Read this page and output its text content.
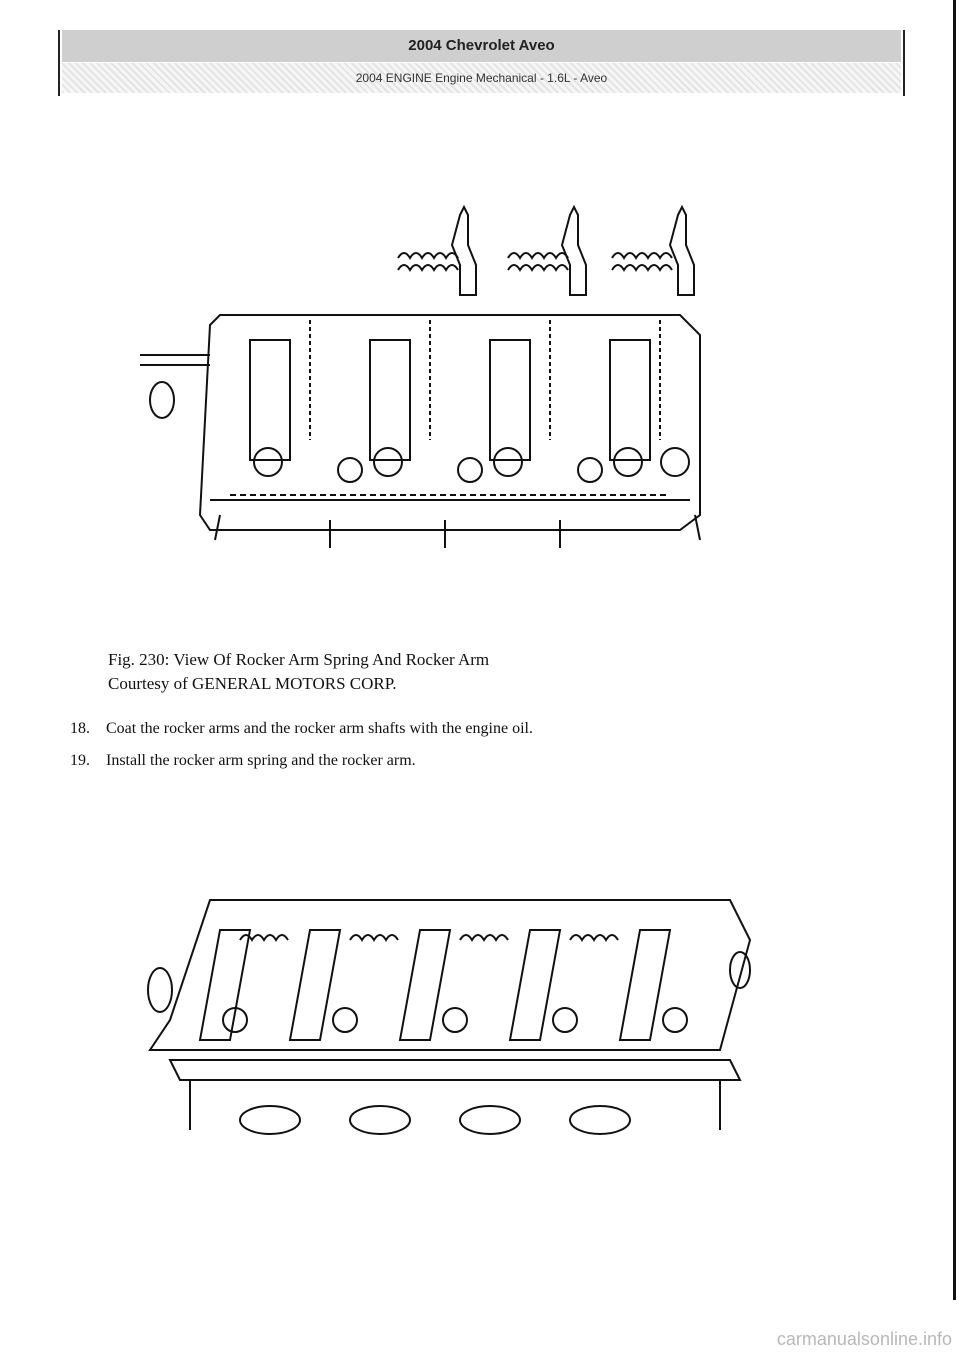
2004 Chevrolet Aveo
2004 ENGINE Engine Mechanical - 1.6L - Aveo
Fig. 230: View Of Rocker Arm Spring And Rocker Arm
Courtesy of GENERAL MOTORS CORP.
18.	Coat the rocker arms and the rocker arm shafts with the engine oil.
19.	Install the rocker arm spring and the rocker arm.
carmanualsonline.info
